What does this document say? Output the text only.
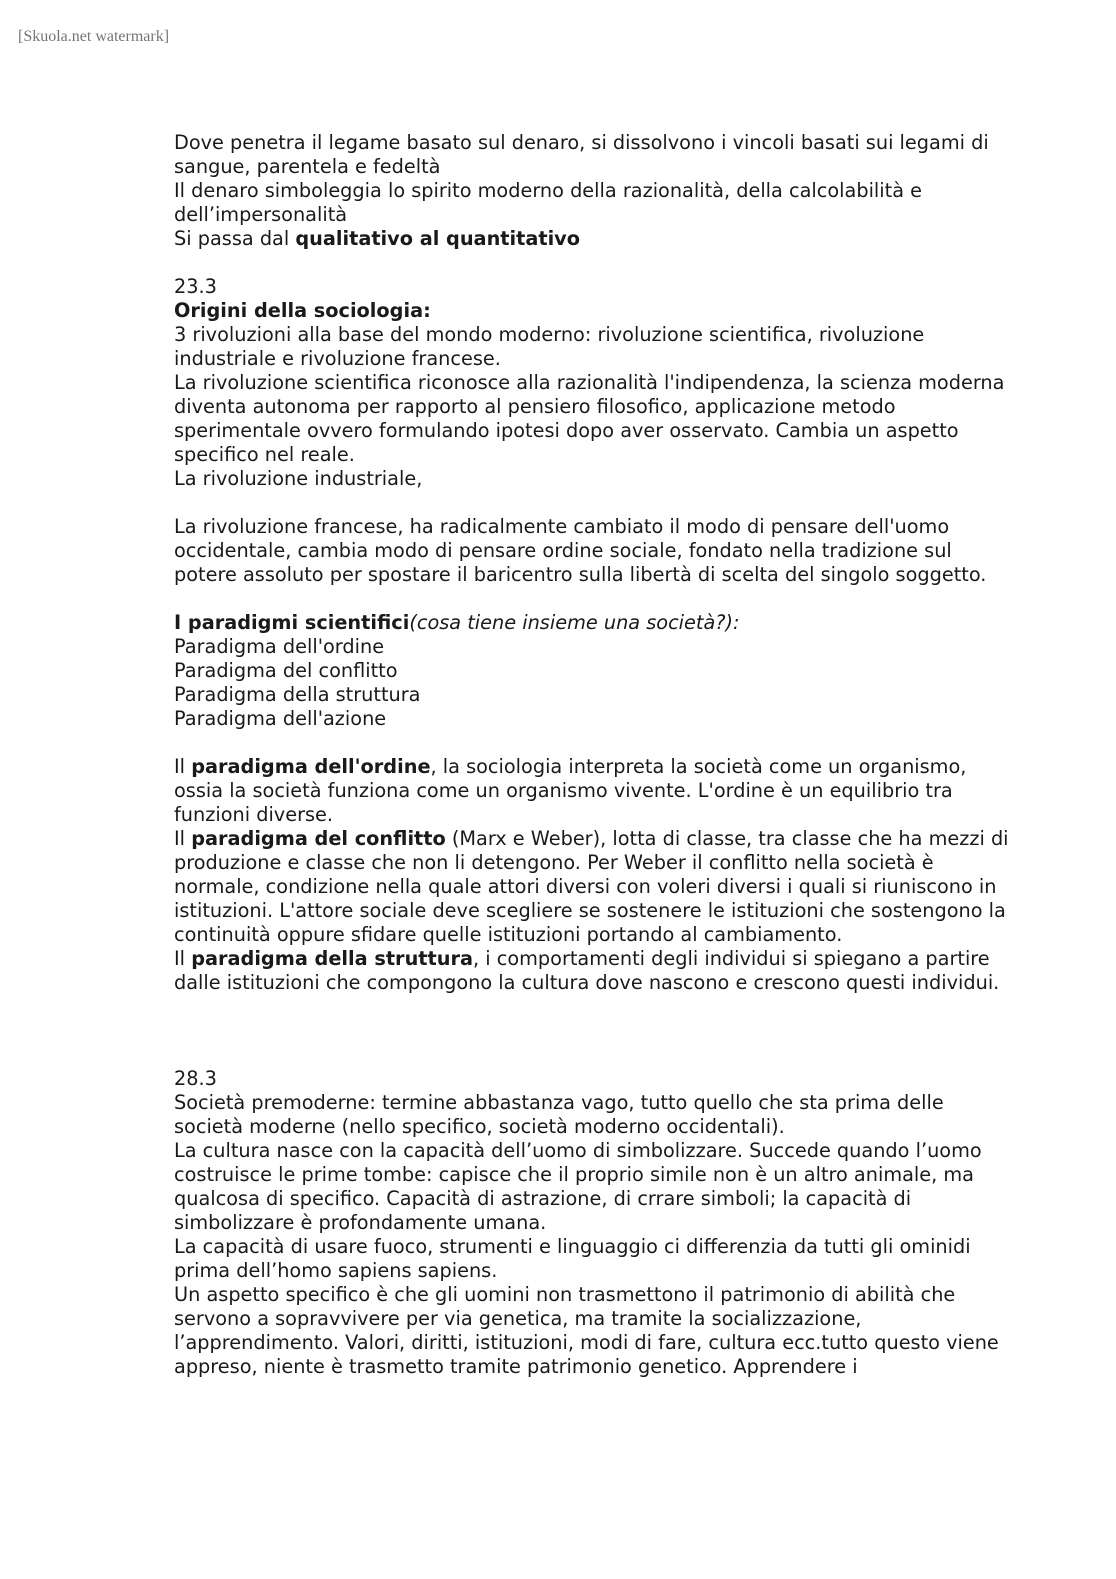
[Skuola.net watermark]

Dove penetra il legame basato sul denaro, si dissolvono i vincoli basati sui legami di sangue, parentela e fedeltà

Il denaro simboleggia lo spirito moderno della razionalità, della calcolabilità e dell’impersonalità

Si passa dal qualitativo al quantitativo

23.3

Origini della sociologia:

3 rivoluzioni alla base del mondo moderno: rivoluzione scientifica, rivoluzione industriale e rivoluzione francese.

La rivoluzione scientifica riconosce alla razionalità l'indipendenza, la scienza moderna diventa autonoma per rapporto al pensiero filosofico, applicazione metodo sperimentale ovvero formulando ipotesi dopo aver osservato. Cambia un aspetto specifico nel reale.

La rivoluzione industriale,

La rivoluzione francese, ha radicalmente cambiato il modo di pensare dell'uomo occidentale, cambia modo di pensare ordine sociale, fondato nella tradizione sul potere assoluto per spostare il baricentro sulla libertà di scelta del singolo soggetto.

I paradigmi scientifici(cosa tiene insieme una società?):

Paradigma dell'ordine

Paradigma del conflitto

Paradigma della struttura

Paradigma dell'azione

Il paradigma dell'ordine, la sociologia interpreta la società come un organismo, ossia la società funziona come un organismo vivente. L'ordine è un equilibrio tra funzioni diverse.

Il paradigma del conflitto (Marx e Weber), lotta di classe, tra classe che ha mezzi di produzione e classe che non li detengono. Per Weber il conflitto nella società è normale, condizione nella quale attori diversi con voleri diversi i quali si riuniscono in istituzioni. L'attore sociale deve scegliere se sostenere le istituzioni che sostengono la continuità oppure sfidare quelle istituzioni portando al cambiamento.

Il paradigma della struttura, i comportamenti degli individui si spiegano a partire dalle istituzioni che compongono la cultura dove nascono e crescono questi individui.

28.3

Società premoderne: termine abbastanza vago, tutto quello che sta prima delle società moderne (nello specifico, società moderno occidentali).

La cultura nasce con la capacità dell’uomo di simbolizzare. Succede quando l’uomo costruisce le prime tombe: capisce che il proprio simile non è un altro animale, ma qualcosa di specifico. Capacità di astrazione, di crrare simboli; la capacità di simbolizzare è profondamente umana.

La capacità di usare fuoco, strumenti e linguaggio ci differenzia da tutti gli ominidi prima dell’homo sapiens sapiens.

Un aspetto specifico è che gli uomini non trasmettono il patrimonio di abilità che servono a sopravvivere per via genetica, ma tramite la socializzazione, l’apprendimento. Valori, diritti, istituzioni, modi di fare, cultura ecc.tutto questo viene appreso, niente è trasmetto tramite patrimonio genetico. Apprendere i
